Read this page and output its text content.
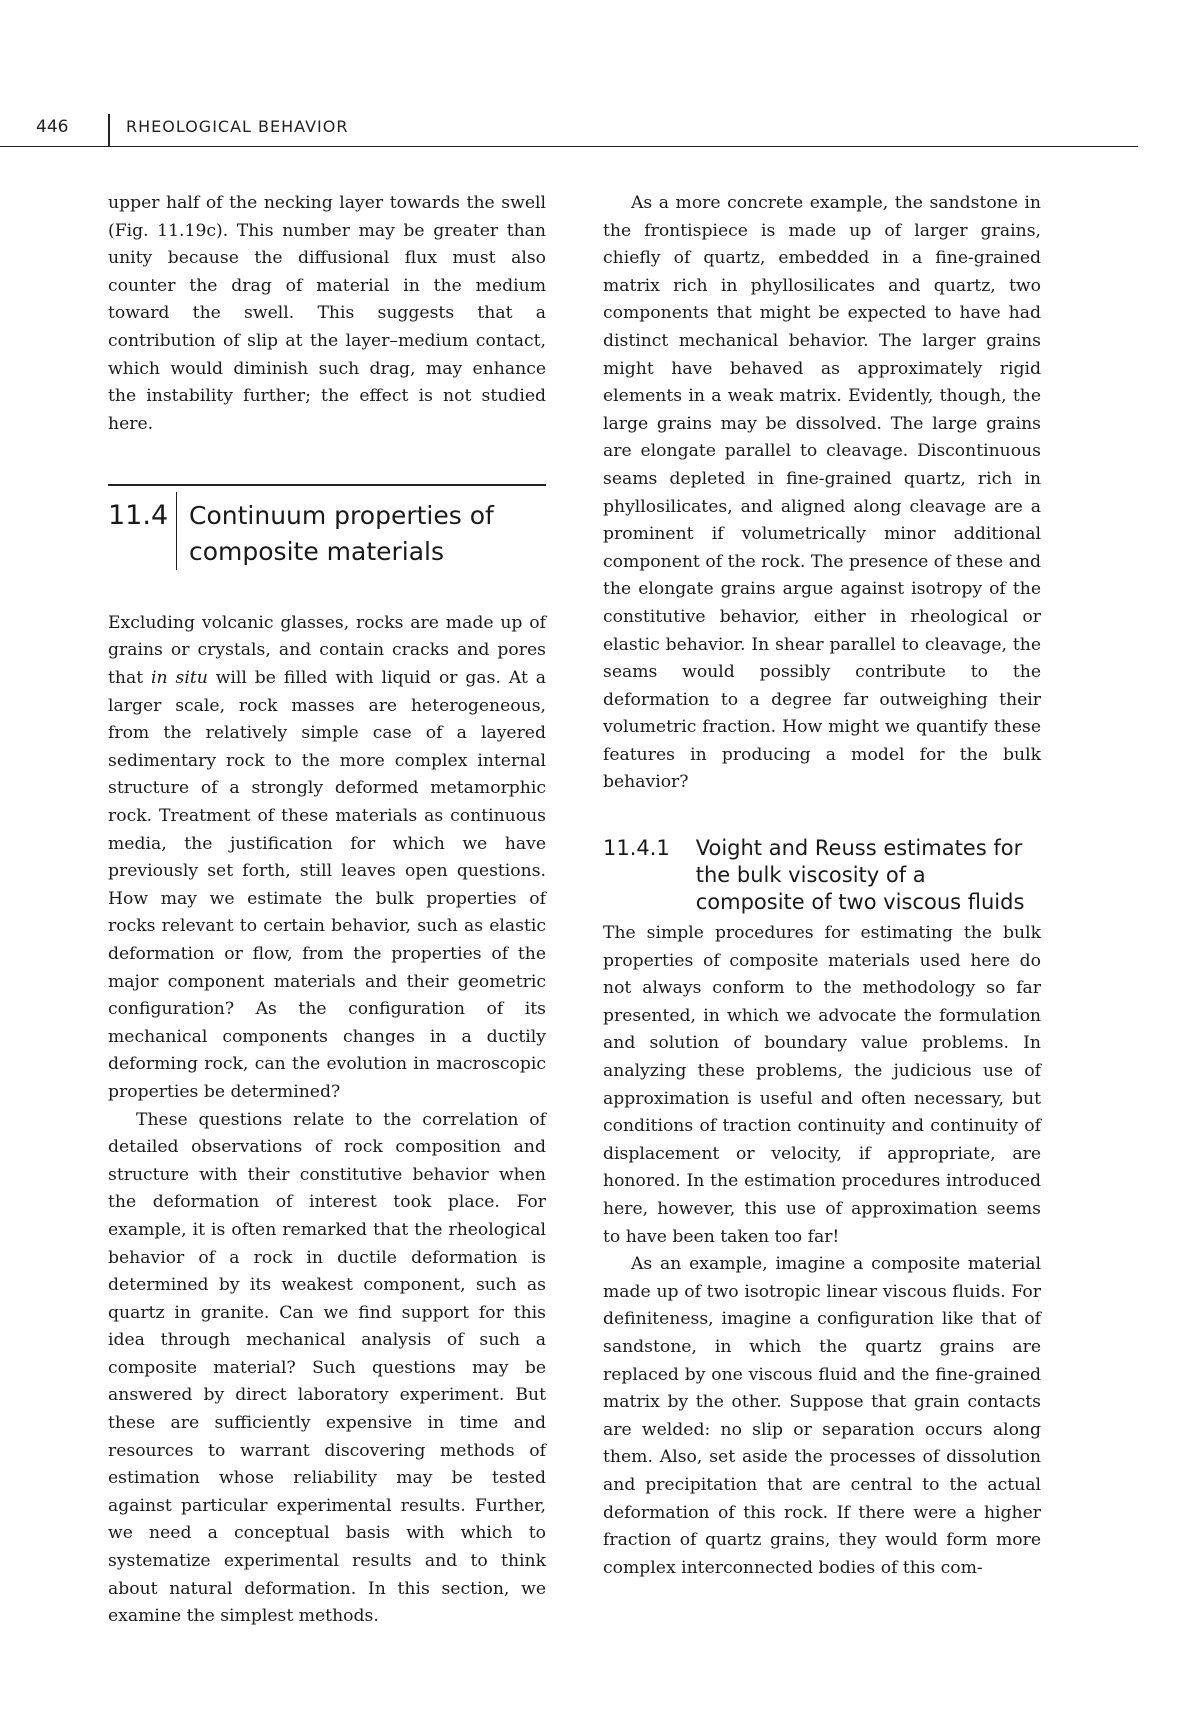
446	RHEOLOGICAL BEHAVIOR

upper half of the necking layer towards the swell (Fig. 11.19c). This number may be greater than unity because the diffusional flux must also counter the drag of material in the medium toward the swell. This suggests that a contribution of slip at the layer–medium contact, which would diminish such drag, may enhance the instability further; the effect is not studied here.

11.4 Continuum properties of composite materials

Excluding volcanic glasses, rocks are made up of grains or crystals, and contain cracks and pores that in situ will be filled with liquid or gas. At a larger scale, rock masses are heterogeneous, from the relatively simple case of a layered sedimentary rock to the more complex internal structure of a strongly deformed metamorphic rock. Treatment of these materials as continuous media, the justification for which we have previously set forth, still leaves open questions. How may we estimate the bulk properties of rocks relevant to certain behavior, such as elastic deformation or flow, from the properties of the major component materials and their geometric configuration? As the configuration of its mechanical components changes in a ductily deforming rock, can the evolution in macroscopic properties be determined?

These questions relate to the correlation of detailed observations of rock composition and structure with their constitutive behavior when the deformation of interest took place. For example, it is often remarked that the rheological behavior of a rock in ductile deformation is determined by its weakest component, such as quartz in granite. Can we find support for this idea through mechanical analysis of such a composite material? Such questions may be answered by direct laboratory experiment. But these are sufficiently expensive in time and resources to warrant discovering methods of estimation whose reliability may be tested against particular experimental results. Further, we need a conceptual basis with which to systematize experimental results and to think about natural deformation. In this section, we examine the simplest methods.

As a more concrete example, the sandstone in the frontispiece is made up of larger grains, chiefly of quartz, embedded in a fine-grained matrix rich in phyllosilicates and quartz, two components that might be expected to have had distinct mechanical behavior. The larger grains might have behaved as approximately rigid elements in a weak matrix. Evidently, though, the large grains may be dissolved. The large grains are elongate parallel to cleavage. Discontinuous seams depleted in fine-grained quartz, rich in phyllosilicates, and aligned along cleavage are a prominent if volumetrically minor additional component of the rock. The presence of these and the elongate grains argue against isotropy of the constitutive behavior, either in rheological or elastic behavior. In shear parallel to cleavage, the seams would possibly contribute to the deformation to a degree far outweighing their volumetric fraction. How might we quantify these features in producing a model for the bulk behavior?

11.4.1	Voight and Reuss estimates for the bulk viscosity of a composite of two viscous fluids

The simple procedures for estimating the bulk properties of composite materials used here do not always conform to the methodology so far presented, in which we advocate the formulation and solution of boundary value problems. In analyzing these problems, the judicious use of approximation is useful and often necessary, but conditions of traction continuity and continuity of displacement or velocity, if appropriate, are honored. In the estimation procedures introduced here, however, this use of approximation seems to have been taken too far!

As an example, imagine a composite material made up of two isotropic linear viscous fluids. For definiteness, imagine a configuration like that of sandstone, in which the quartz grains are replaced by one viscous fluid and the fine-grained matrix by the other. Suppose that grain contacts are welded: no slip or separation occurs along them. Also, set aside the processes of dissolution and precipitation that are central to the actual deformation of this rock. If there were a higher fraction of quartz grains, they would form more complex interconnected bodies of this com-
